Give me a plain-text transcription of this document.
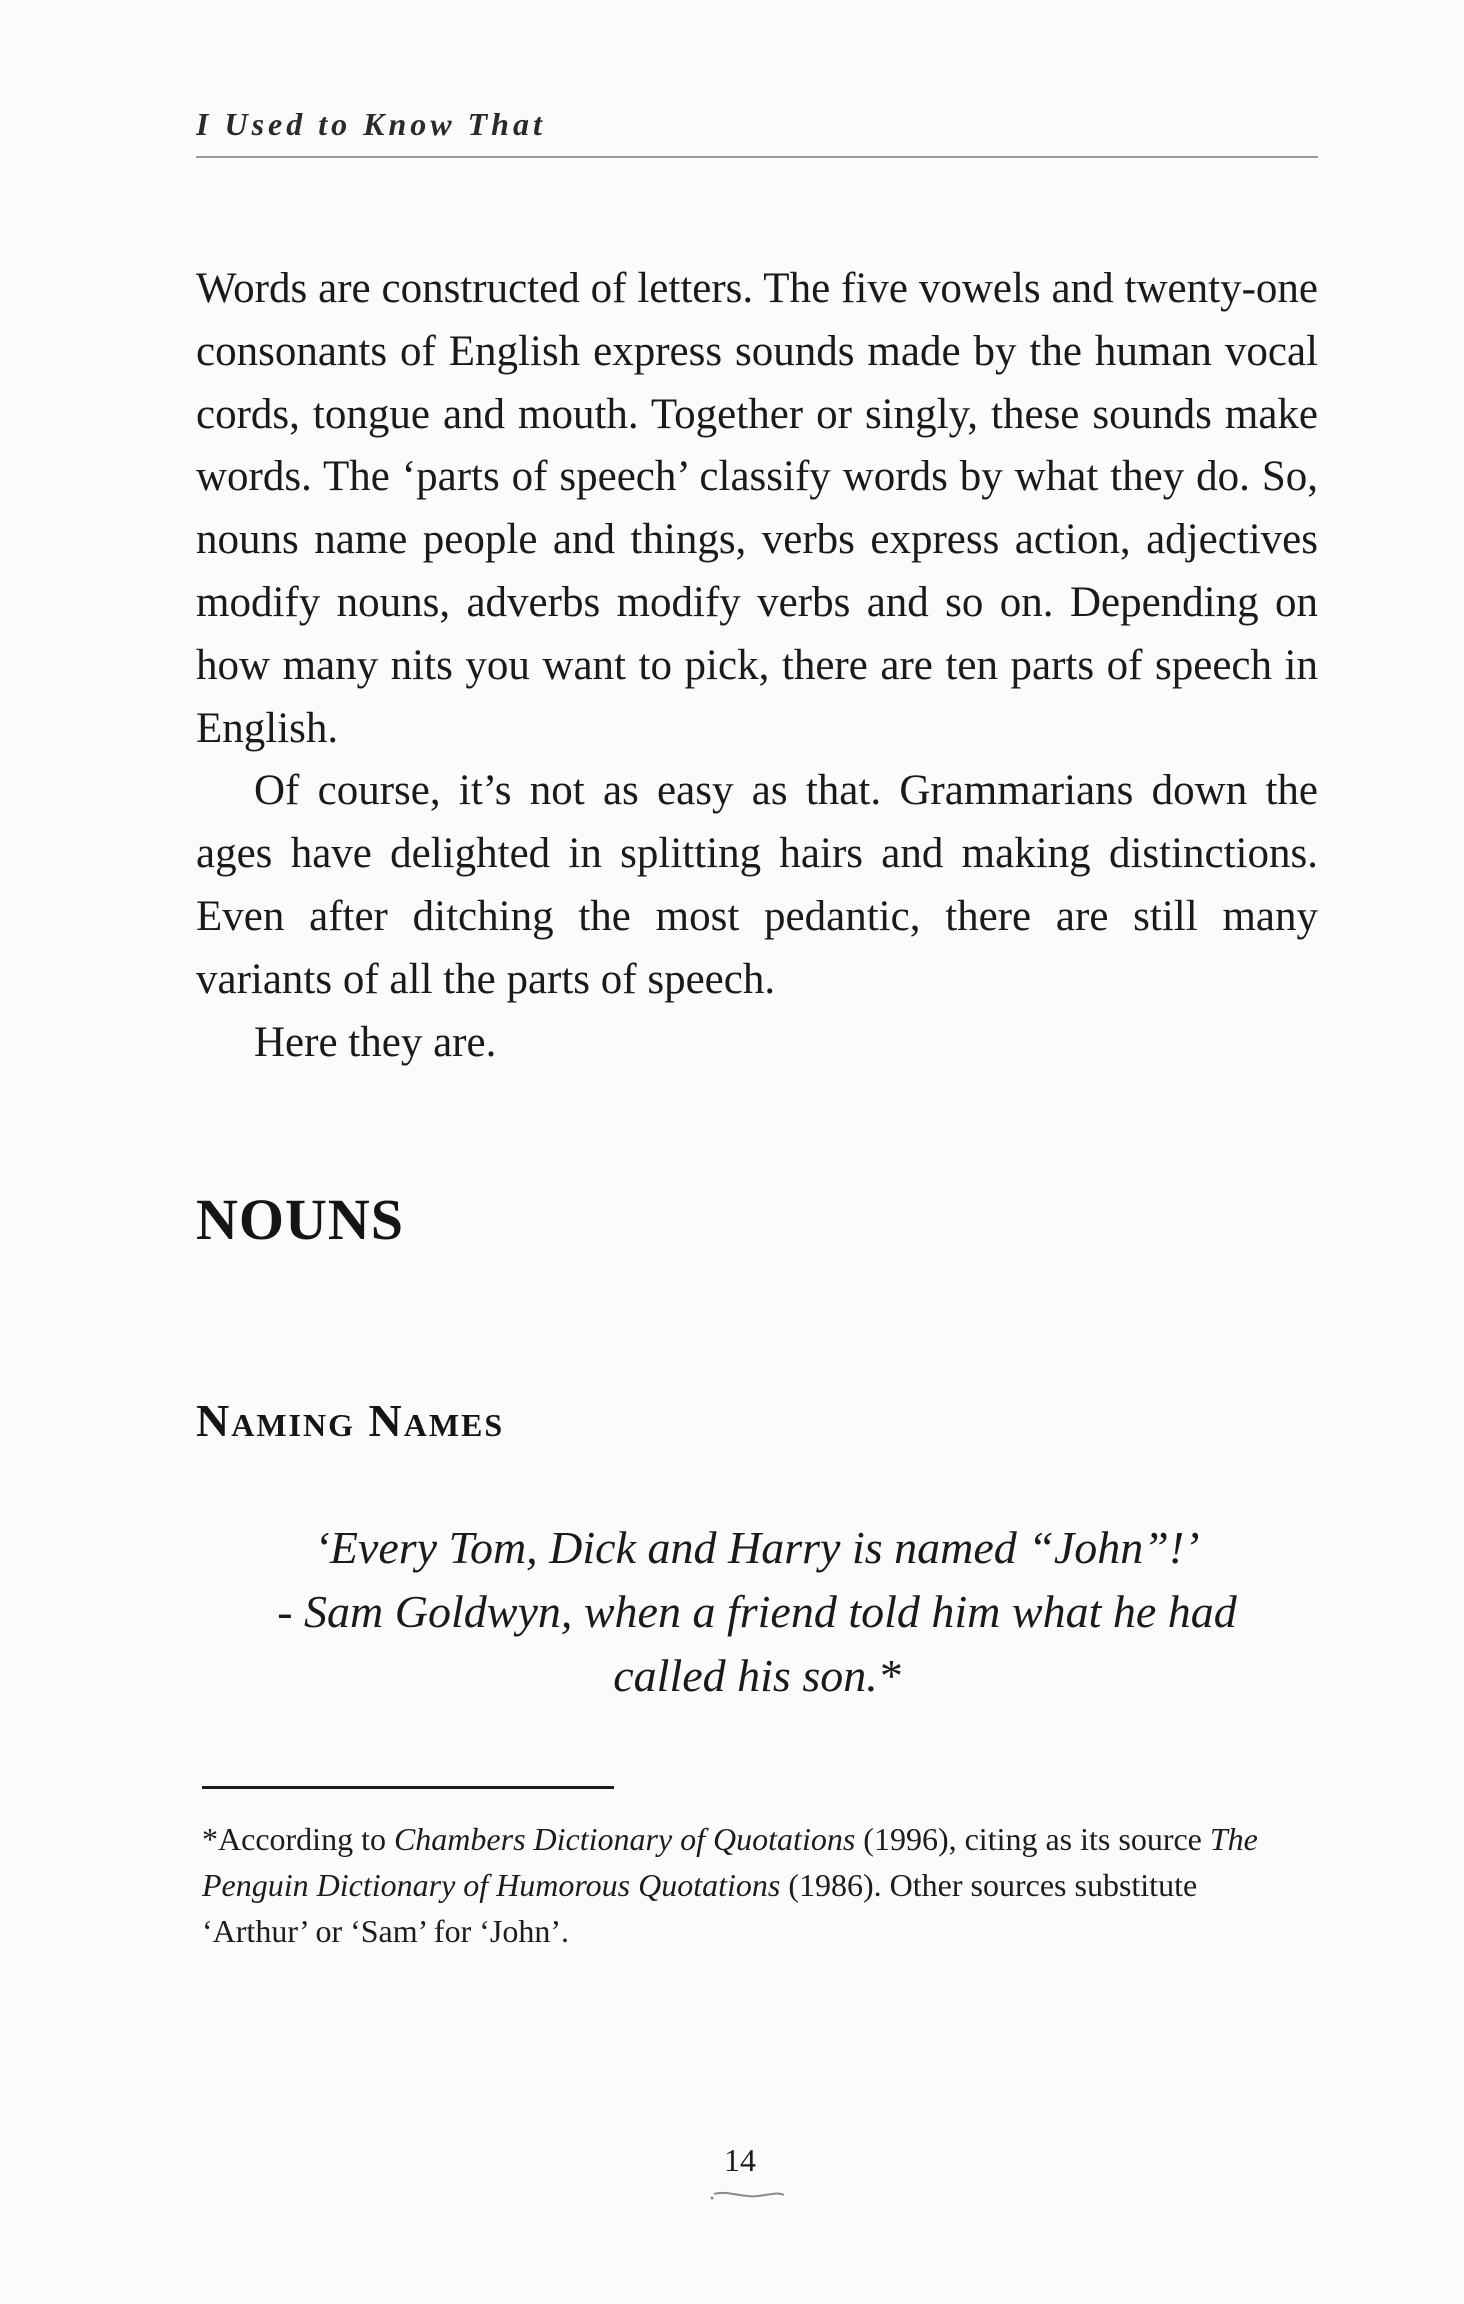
I Used to Know That

Words are constructed of letters. The five vowels and twenty-one consonants of English express sounds made by the human vocal cords, tongue and mouth. Together or singly, these sounds make words. The ‘parts of speech’ classify words by what they do. So, nouns name people and things, verbs express action, adjectives modify nouns, adverbs modify verbs and so on. Depending on how many nits you want to pick, there are ten parts of speech in English.

Of course, it’s not as easy as that. Grammarians down the ages have delighted in splitting hairs and making distinctions. Even after ditching the most pedantic, there are still many variants of all the parts of speech.

Here they are.

NOUNS
Naming Names
‘Every Tom, Dick and Harry is named “John”!’
- Sam Goldwyn, when a friend told him what he had
called his son.*
*According to Chambers Dictionary of Quotations (1996), citing as its source The Penguin Dictionary of Humorous Quotations (1986). Other sources substitute ‘Arthur’ or ‘Sam’ for ‘John’.
14
